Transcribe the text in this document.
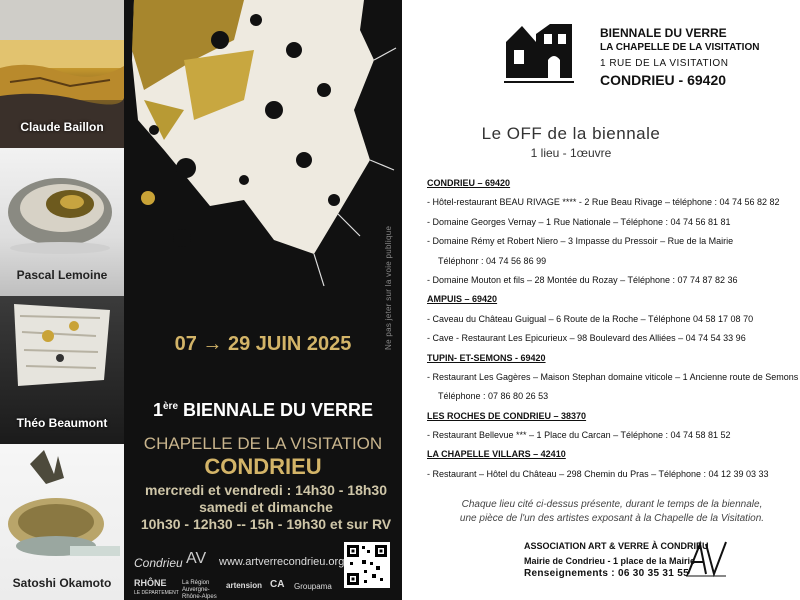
Claude Baillon
Pascal Lemoine
Théo Beaumont
Satoshi Okamoto
07 → 29 JUIN 2025
1ère BIENNALE DU VERRE
CHAPELLE DE LA VISITATION
CONDRIEU
mercredi et vendredi : 14h30 - 18h30
samedi et dimanche
10h30 - 12h30 -- 15h - 19h30 et sur RV
Condrieu AV www.artverrecondrieu.org
RHÔNE
LE DÉPARTEMENT
La Région Auvergne-Rhône-Alpes
artension CA Groupama
Ne pas jeter sur la voie publique
BIENNALE DU VERRE
LA CHAPELLE DE LA VISITATION
1 RUE DE LA VISITATION
CONDRIEU - 69420
Le OFF de la biennale
1 lieu - 1œuvre
CONDRIEU – 69420
- Hôtel-restaurant BEAU RIVAGE **** - 2 Rue Beau Rivage – téléphone : 04 74 56 82 82
- Domaine Georges Vernay – 1 Rue Nationale – Téléphone : 04 74 56 81 81
- Domaine Rémy et Robert Niero – 3 Impasse du Pressoir – Rue de la Mairie
Téléphonr : 04 74 56 86 99
- Domaine Mouton et fils – 28 Montée du Rozay – Téléphone : 07 74 87 82 36
AMPUIS – 69420
- Caveau du Château Guigual – 6 Route de la Roche – Téléphone 04 58 17 08 70
- Cave - Restaurant Les Epicurieux – 98 Boulevard des Alliées – 04 74 54 33 96
TUPIN- ET-SEMONS - 69420
- Restaurant Les Gagères – Maison Stephan domaine viticole – 1 Ancienne route de Semons
Téléphone : 07 86 80 26 53
LES ROCHES DE CONDRIEU – 38370
- Restaurant Bellevue *** – 1 Place du Carcan – Téléphone : 04 74 58 81 52
LA CHAPELLE VILLARS – 42410
- Restaurant – Hôtel du Château – 298 Chemin du Pras – Téléphone : 04 12 39 03 33
Chaque lieu cité ci-dessus présente, durant le temps de la biennale,
une pièce de l'un des artistes exposant à la Chapelle de la Visitation.
ASSOCIATION ART & VERRE À CONDRIEU
Mairie de Condrieu - 1 place de la Mairie
Renseignements : 06 30 35 31 55
